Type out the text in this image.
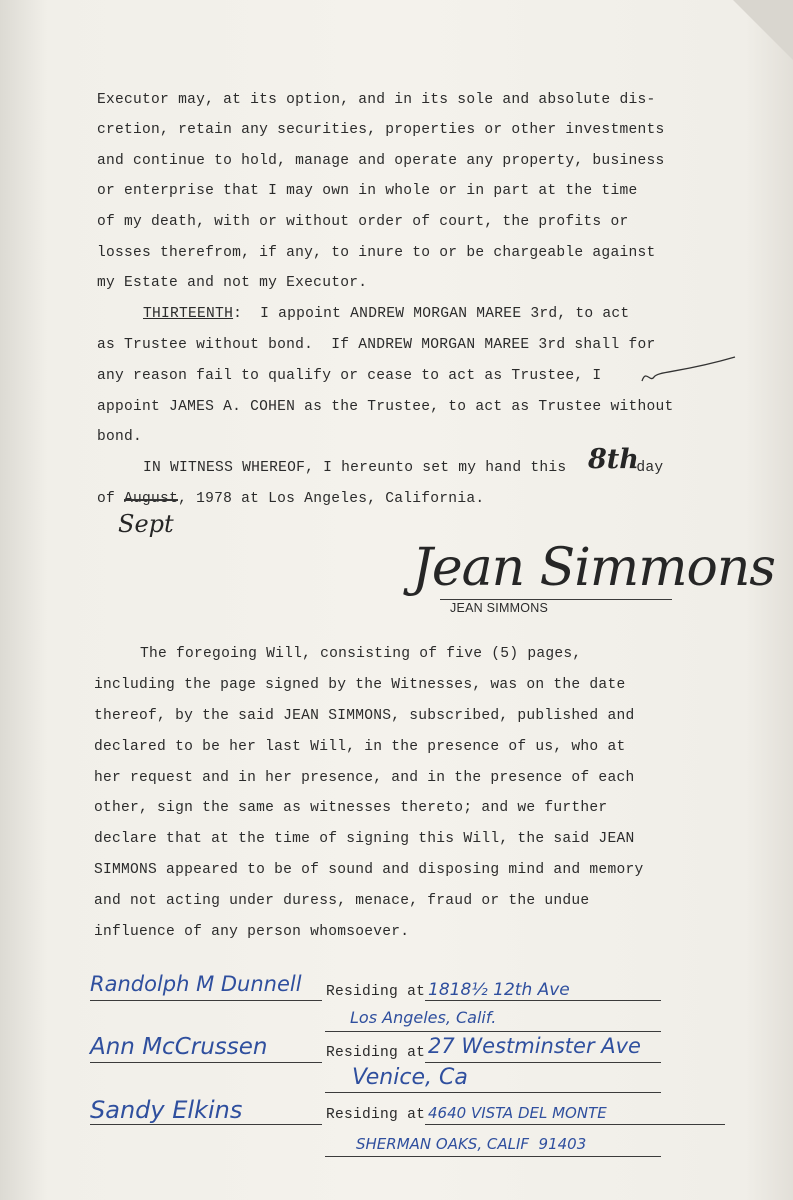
Executor may, at its option, and in its sole and absolute dis-
cretion, retain any securities, properties or other investments
and continue to hold, manage and operate any property, business
or enterprise that I may own in whole or in part at the time
of my death, with or without order of court, the profits or
losses therefrom, if any, to inure to or be chargeable against
my Estate and not my Executor.
THIRTEENTH:  I appoint ANDREW MORGAN MAREE 3rd, to act
as Trustee without bond.  If ANDREW MORGAN MAREE 3rd shall for
any reason fail to qualify or cease to act as Trustee, I
appoint JAMES A. COHEN as the Trustee, to act as Trustee without
bond.
IN WITNESS WHEREOF, I hereunto set my hand this	day
8th
of August, 1978 at Los Angeles, California.
Sept
Jean Simmons
JEAN SIMMONS
The foregoing Will, consisting of five (5) pages,
including the page signed by the Witnesses, was on the date
thereof, by the said JEAN SIMMONS, subscribed, published and
declared to be her last Will, in the presence of us, who at
her request and in her presence, and in the presence of each
other, sign the same as witnesses thereto; and we further
declare that at the time of signing this Will, the said JEAN
SIMMONS appeared to be of sound and disposing mind and memory
and not acting under duress, menace, fraud or the undue
influence of any person whomsoever.
Randolph M Dunnell Residing at 1818½ 12th Ave
Los Angeles, Calif.
Ann McCrussen	Residing at 27 Westminster Ave
Venice, Ca
Sandy Elkins	Residing at 4640 VISTA DEL MONTE
SHERMAN OAKS, CALIF  91403
